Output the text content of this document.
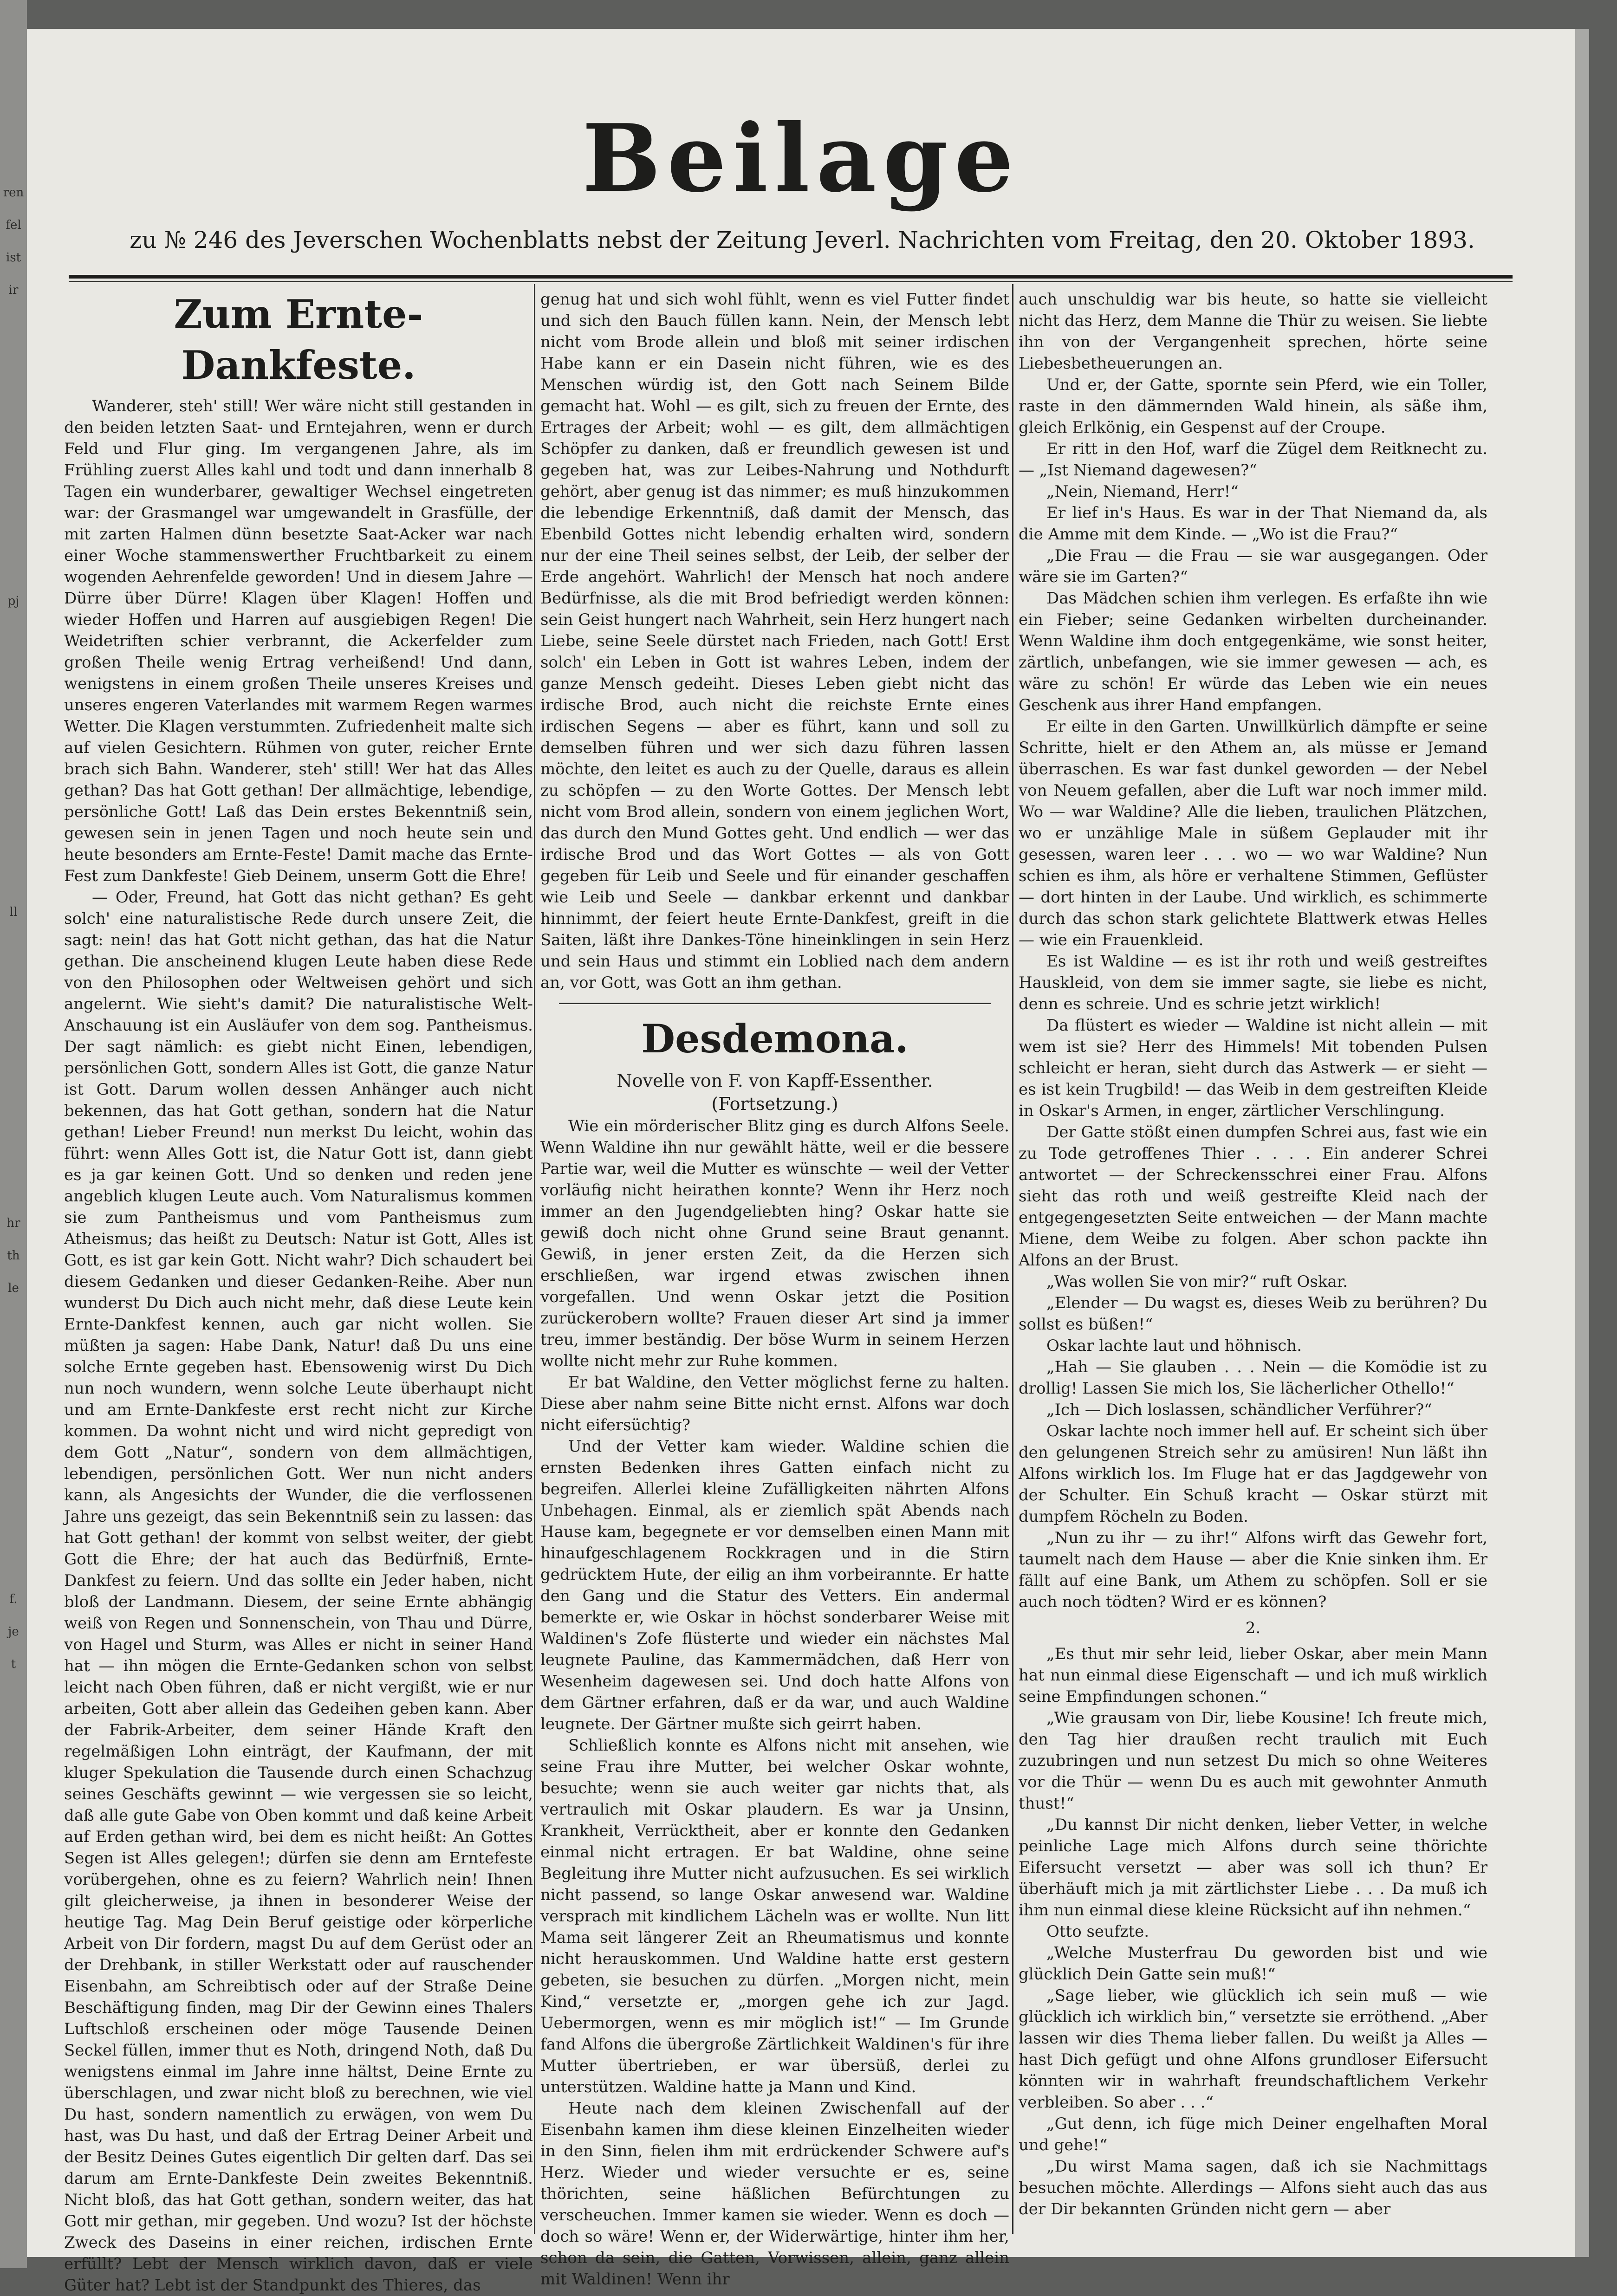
ren
fel
ist
ir
pj
ll
hr
th
le
f.
je
t
Beilage
zu № 246 des Jeverschen Wochenblatts nebst der Zeitung Jeverl. Nachrichten vom Freitag, den 20. Oktober 1893.
Zum Ernte-Dankfeste.

Wanderer, steh' still! Wer wäre nicht still gestanden in den beiden letzten Saat- und Erntejahren, wenn er durch Feld und Flur ging. Im vergangenen Jahre, als im Frühling zuerst Alles kahl und todt und dann innerhalb 8 Tagen ein wunderbarer, gewaltiger Wechsel eingetreten war: der Grasmangel war umgewandelt in Grasfülle, der mit zarten Halmen dünn besetzte Saat-Acker war nach einer Woche stammenswerther Fruchtbarkeit zu einem wogenden Aehrenfelde geworden! Und in diesem Jahre — Dürre über Dürre! Klagen über Klagen! Hoffen und wieder Hoffen und Harren auf ausgiebigen Regen! Die Weidetriften schier verbrannt, die Ackerfelder zum großen Theile wenig Ertrag verheißend! Und dann, wenigstens in einem großen Theile unseres Kreises und unseres engeren Vaterlandes mit warmem Regen warmes Wetter. Die Klagen verstummten. Zufriedenheit malte sich auf vielen Gesichtern. Rühmen von guter, reicher Ernte brach sich Bahn. Wanderer, steh' still! Wer hat das Alles gethan? Das hat Gott gethan! Der allmächtige, lebendige, persönliche Gott! Laß das Dein erstes Bekenntniß sein, gewesen sein in jenen Tagen und noch heute sein und heute besonders am Ernte-Feste! Damit mache das Ernte-Fest zum Dankfeste! Gieb Deinem, unserm Gott die Ehre!

— Oder, Freund, hat Gott das nicht gethan? Es geht solch' eine naturalistische Rede durch unsere Zeit, die sagt: nein! das hat Gott nicht gethan, das hat die Natur gethan. Die anscheinend klugen Leute haben diese Rede von den Philosophen oder Weltweisen gehört und sich angelernt. Wie sieht's damit? Die naturalistische Welt-Anschauung ist ein Ausläufer von dem sog. Pantheismus. Der sagt nämlich: es giebt nicht Einen, lebendigen, persönlichen Gott, sondern Alles ist Gott, die ganze Natur ist Gott. Darum wollen dessen Anhänger auch nicht bekennen, das hat Gott gethan, sondern hat die Natur gethan! Lieber Freund! nun merkst Du leicht, wohin das führt: wenn Alles Gott ist, die Natur Gott ist, dann giebt es ja gar keinen Gott. Und so denken und reden jene angeblich klugen Leute auch. Vom Naturalismus kommen sie zum Pantheismus und vom Pantheismus zum Atheismus; das heißt zu Deutsch: Natur ist Gott, Alles ist Gott, es ist gar kein Gott. Nicht wahr? Dich schaudert bei diesem Gedanken und dieser Gedanken-Reihe. Aber nun wunderst Du Dich auch nicht mehr, daß diese Leute kein Ernte-Dankfest kennen, auch gar nicht wollen. Sie müßten ja sagen: Habe Dank, Natur! daß Du uns eine solche Ernte gegeben hast. Ebensowenig wirst Du Dich nun noch wundern, wenn solche Leute überhaupt nicht und am Ernte-Dankfeste erst recht nicht zur Kirche kommen. Da wohnt nicht und wird nicht gepredigt von dem Gott „Natur“, sondern von dem allmächtigen, lebendigen, persönlichen Gott. Wer nun nicht anders kann, als Angesichts der Wunder, die die verflossenen Jahre uns gezeigt, das sein Bekenntniß sein zu lassen: das hat Gott gethan! der kommt von selbst weiter, der giebt Gott die Ehre; der hat auch das Bedürfniß, Ernte-Dankfest zu feiern. Und das sollte ein Jeder haben, nicht bloß der Landmann. Diesem, der seine Ernte abhängig weiß von Regen und Sonnenschein, von Thau und Dürre, von Hagel und Sturm, was Alles er nicht in seiner Hand hat — ihn mögen die Ernte-Gedanken schon von selbst leicht nach Oben führen, daß er nicht vergißt, wie er nur arbeiten, Gott aber allein das Gedeihen geben kann. Aber der Fabrik-Arbeiter, dem seiner Hände Kraft den regelmäßigen Lohn einträgt, der Kaufmann, der mit kluger Spekulation die Tausende durch einen Schachzug seines Geschäfts gewinnt — wie vergessen sie so leicht, daß alle gute Gabe von Oben kommt und daß keine Arbeit auf Erden gethan wird, bei dem es nicht heißt: An Gottes Segen ist Alles gelegen!; dürfen sie denn am Erntefeste vorübergehen, ohne es zu feiern? Wahrlich nein! Ihnen gilt gleicherweise, ja ihnen in besonderer Weise der heutige Tag. Mag Dein Beruf geistige oder körperliche Arbeit von Dir fordern, magst Du auf dem Gerüst oder an der Drehbank, in stiller Werkstatt oder auf rauschender Eisenbahn, am Schreibtisch oder auf der Straße Deine Beschäftigung finden, mag Dir der Gewinn eines Thalers Luftschloß erscheinen oder möge Tausende Deinen Seckel füllen, immer thut es Noth, dringend Noth, daß Du wenigstens einmal im Jahre inne hältst, Deine Ernte zu überschlagen, und zwar nicht bloß zu berechnen, wie viel Du hast, sondern namentlich zu erwägen, von wem Du hast, was Du hast, und daß der Ertrag Deiner Arbeit und der Besitz Deines Gutes eigentlich Dir gelten darf. Das sei darum am Ernte-Dankfeste Dein zweites Bekenntniß. Nicht bloß, das hat Gott gethan, sondern weiter, das hat Gott mir gethan, mir gegeben. Und wozu? Ist der höchste Zweck des Daseins in einer reichen, irdischen Ernte erfüllt? Lebt der Mensch wirklich davon, daß er viele Güter hat? Lebt ist der Standpunkt des Thieres, das

genug hat und sich wohl fühlt, wenn es viel Futter findet und sich den Bauch füllen kann. Nein, der Mensch lebt nicht vom Brode allein und bloß mit seiner irdischen Habe kann er ein Dasein nicht führen, wie es des Menschen würdig ist, den Gott nach Seinem Bilde gemacht hat. Wohl — es gilt, sich zu freuen der Ernte, des Ertrages der Arbeit; wohl — es gilt, dem allmächtigen Schöpfer zu danken, daß er freundlich gewesen ist und gegeben hat, was zur Leibes-Nahrung und Nothdurft gehört, aber genug ist das nimmer; es muß hinzukommen die lebendige Erkenntniß, daß damit der Mensch, das Ebenbild Gottes nicht lebendig erhalten wird, sondern nur der eine Theil seines selbst, der Leib, der selber der Erde angehört. Wahrlich! der Mensch hat noch andere Bedürfnisse, als die mit Brod befriedigt werden können: sein Geist hungert nach Wahrheit, sein Herz hungert nach Liebe, seine Seele dürstet nach Frieden, nach Gott! Erst solch' ein Leben in Gott ist wahres Leben, indem der ganze Mensch gedeiht. Dieses Leben giebt nicht das irdische Brod, auch nicht die reichste Ernte eines irdischen Segens — aber es führt, kann und soll zu demselben führen und wer sich dazu führen lassen möchte, den leitet es auch zu der Quelle, daraus es allein zu schöpfen — zu den Worte Gottes. Der Mensch lebt nicht vom Brod allein, sondern von einem jeglichen Wort, das durch den Mund Gottes geht. Und endlich — wer das irdische Brod und das Wort Gottes — als von Gott gegeben für Leib und Seele und für einander geschaffen wie Leib und Seele — dankbar erkennt und dankbar hinnimmt, der feiert heute Ernte-Dankfest, greift in die Saiten, läßt ihre Dankes-Töne hineinklingen in sein Herz und sein Haus und stimmt ein Loblied nach dem andern an, vor Gott, was Gott an ihm gethan.

Desdemona.

Novelle von F. von Kapff-Essenther.

(Fortsetzung.)

Wie ein mörderischer Blitz ging es durch Alfons Seele. Wenn Waldine ihn nur gewählt hätte, weil er die bessere Partie war, weil die Mutter es wünschte — weil der Vetter vorläufig nicht heirathen konnte? Wenn ihr Herz noch immer an den Jugendgeliebten hing? Oskar hatte sie gewiß doch nicht ohne Grund seine Braut genannt. Gewiß, in jener ersten Zeit, da die Herzen sich erschließen, war irgend etwas zwischen ihnen vorgefallen. Und wenn Oskar jetzt die Position zurückerobern wollte? Frauen dieser Art sind ja immer treu, immer beständig. Der böse Wurm in seinem Herzen wollte nicht mehr zur Ruhe kommen.

Er bat Waldine, den Vetter möglichst ferne zu halten. Diese aber nahm seine Bitte nicht ernst. Alfons war doch nicht eifersüchtig?

Und der Vetter kam wieder. Waldine schien die ernsten Bedenken ihres Gatten einfach nicht zu begreifen. Allerlei kleine Zufälligkeiten nährten Alfons Unbehagen. Einmal, als er ziemlich spät Abends nach Hause kam, begegnete er vor demselben einen Mann mit hinaufgeschlagenem Rockkragen und in die Stirn gedrücktem Hute, der eilig an ihm vorbeirannte. Er hatte den Gang und die Statur des Vetters. Ein andermal bemerkte er, wie Oskar in höchst sonderbarer Weise mit Waldinen's Zofe flüsterte und wieder ein nächstes Mal leugnete Pauline, das Kammermädchen, daß Herr von Wesenheim dagewesen sei. Und doch hatte Alfons von dem Gärtner erfahren, daß er da war, und auch Waldine leugnete. Der Gärtner mußte sich geirrt haben.

Schließlich konnte es Alfons nicht mit ansehen, wie seine Frau ihre Mutter, bei welcher Oskar wohnte, besuchte; wenn sie auch weiter gar nichts that, als vertraulich mit Oskar plaudern. Es war ja Unsinn, Krankheit, Verrücktheit, aber er konnte den Gedanken einmal nicht ertragen. Er bat Waldine, ohne seine Begleitung ihre Mutter nicht aufzusuchen. Es sei wirklich nicht passend, so lange Oskar anwesend war. Waldine versprach mit kindlichem Lächeln was er wollte. Nun litt Mama seit längerer Zeit an Rheumatismus und konnte nicht herauskommen. Und Waldine hatte erst gestern gebeten, sie besuchen zu dürfen. „Morgen nicht, mein Kind,“ versetzte er, „morgen gehe ich zur Jagd. Uebermorgen, wenn es mir möglich ist!“ — Im Grunde fand Alfons die übergroße Zärtlichkeit Waldinen's für ihre Mutter übertrieben, er war übersüß, derlei zu unterstützen. Waldine hatte ja Mann und Kind.

Heute nach dem kleinen Zwischenfall auf der Eisenbahn kamen ihm diese kleinen Einzelheiten wieder in den Sinn, fielen ihm mit erdrückender Schwere auf's Herz. Wieder und wieder versuchte er es, seine thörichten, seine häßlichen Befürchtungen zu verscheuchen. Immer kamen sie wieder. Wenn es doch — doch so wäre! Wenn er, der Widerwärtige, hinter ihm her, schon da sein, die Gatten, Vorwissen, allein, ganz allein mit Waldinen! Wenn ihr

auch unschuldig war bis heute, so hatte sie vielleicht nicht das Herz, dem Manne die Thür zu weisen. Sie liebte ihn von der Vergangenheit sprechen, hörte seine Liebesbetheuerungen an.

Und er, der Gatte, spornte sein Pferd, wie ein Toller, raste in den dämmernden Wald hinein, als säße ihm, gleich Erlkönig, ein Gespenst auf der Croupe.

Er ritt in den Hof, warf die Zügel dem Reitknecht zu. — „Ist Niemand dagewesen?“

„Nein, Niemand, Herr!“

Er lief in's Haus. Es war in der That Niemand da, als die Amme mit dem Kinde. — „Wo ist die Frau?“

„Die Frau — die Frau — sie war ausgegangen. Oder wäre sie im Garten?“

Das Mädchen schien ihm verlegen. Es erfaßte ihn wie ein Fieber; seine Gedanken wirbelten durcheinander. Wenn Waldine ihm doch entgegenkäme, wie sonst heiter, zärtlich, unbefangen, wie sie immer gewesen — ach, es wäre zu schön! Er würde das Leben wie ein neues Geschenk aus ihrer Hand empfangen.

Er eilte in den Garten. Unwillkürlich dämpfte er seine Schritte, hielt er den Athem an, als müsse er Jemand überraschen. Es war fast dunkel geworden — der Nebel von Neuem gefallen, aber die Luft war noch immer mild. Wo — war Waldine? Alle die lieben, traulichen Plätzchen, wo er unzählige Male in süßem Geplauder mit ihr gesessen, waren leer . . . wo — wo war Waldine? Nun schien es ihm, als höre er verhaltene Stimmen, Geflüster — dort hinten in der Laube. Und wirklich, es schimmerte durch das schon stark gelichtete Blattwerk etwas Helles — wie ein Frauenkleid.

Es ist Waldine — es ist ihr roth und weiß gestreiftes Hauskleid, von dem sie immer sagte, sie liebe es nicht, denn es schreie. Und es schrie jetzt wirklich!

Da flüstert es wieder — Waldine ist nicht allein — mit wem ist sie? Herr des Himmels! Mit tobenden Pulsen schleicht er heran, sieht durch das Astwerk — er sieht — es ist kein Trugbild! — das Weib in dem gestreiften Kleide in Oskar's Armen, in enger, zärtlicher Verschlingung.

Der Gatte stößt einen dumpfen Schrei aus, fast wie ein zu Tode getroffenes Thier . . . . Ein anderer Schrei antwortet — der Schreckensschrei einer Frau. Alfons sieht das roth und weiß gestreifte Kleid nach der entgegengesetzten Seite entweichen — der Mann machte Miene, dem Weibe zu folgen. Aber schon packte ihn Alfons an der Brust.

„Was wollen Sie von mir?“ ruft Oskar.

„Elender — Du wagst es, dieses Weib zu berühren? Du sollst es büßen!“

Oskar lachte laut und höhnisch.

„Hah — Sie glauben . . . Nein — die Komödie ist zu drollig! Lassen Sie mich los, Sie lächerlicher Othello!“

„Ich — Dich loslassen, schändlicher Verführer?“

Oskar lachte noch immer hell auf. Er scheint sich über den gelungenen Streich sehr zu amüsiren! Nun läßt ihn Alfons wirklich los. Im Fluge hat er das Jagdgewehr von der Schulter. Ein Schuß kracht — Oskar stürzt mit dumpfem Röcheln zu Boden.

„Nun zu ihr — zu ihr!“ Alfons wirft das Gewehr fort, taumelt nach dem Hause — aber die Knie sinken ihm. Er fällt auf eine Bank, um Athem zu schöpfen. Soll er sie auch noch tödten? Wird er es können?

2.

„Es thut mir sehr leid, lieber Oskar, aber mein Mann hat nun einmal diese Eigenschaft — und ich muß wirklich seine Empfindungen schonen.“

„Wie grausam von Dir, liebe Kousine! Ich freute mich, den Tag hier draußen recht traulich mit Euch zuzubringen und nun setzest Du mich so ohne Weiteres vor die Thür — wenn Du es auch mit gewohnter Anmuth thust!“

„Du kannst Dir nicht denken, lieber Vetter, in welche peinliche Lage mich Alfons durch seine thörichte Eifersucht versetzt — aber was soll ich thun? Er überhäuft mich ja mit zärtlichster Liebe . . . Da muß ich ihm nun einmal diese kleine Rücksicht auf ihn nehmen.“

Otto seufzte.

„Welche Musterfrau Du geworden bist und wie glücklich Dein Gatte sein muß!“

„Sage lieber, wie glücklich ich sein muß — wie glücklich ich wirklich bin,“ versetzte sie erröthend. „Aber lassen wir dies Thema lieber fallen. Du weißt ja Alles — hast Dich gefügt und ohne Alfons grundloser Eifersucht könnten wir in wahrhaft freundschaftlichem Verkehr verbleiben. So aber . . .“

„Gut denn, ich füge mich Deiner engelhaften Moral und gehe!“

„Du wirst Mama sagen, daß ich sie Nachmittags besuchen möchte. Allerdings — Alfons sieht auch das aus der Dir bekannten Gründen nicht gern — aber
